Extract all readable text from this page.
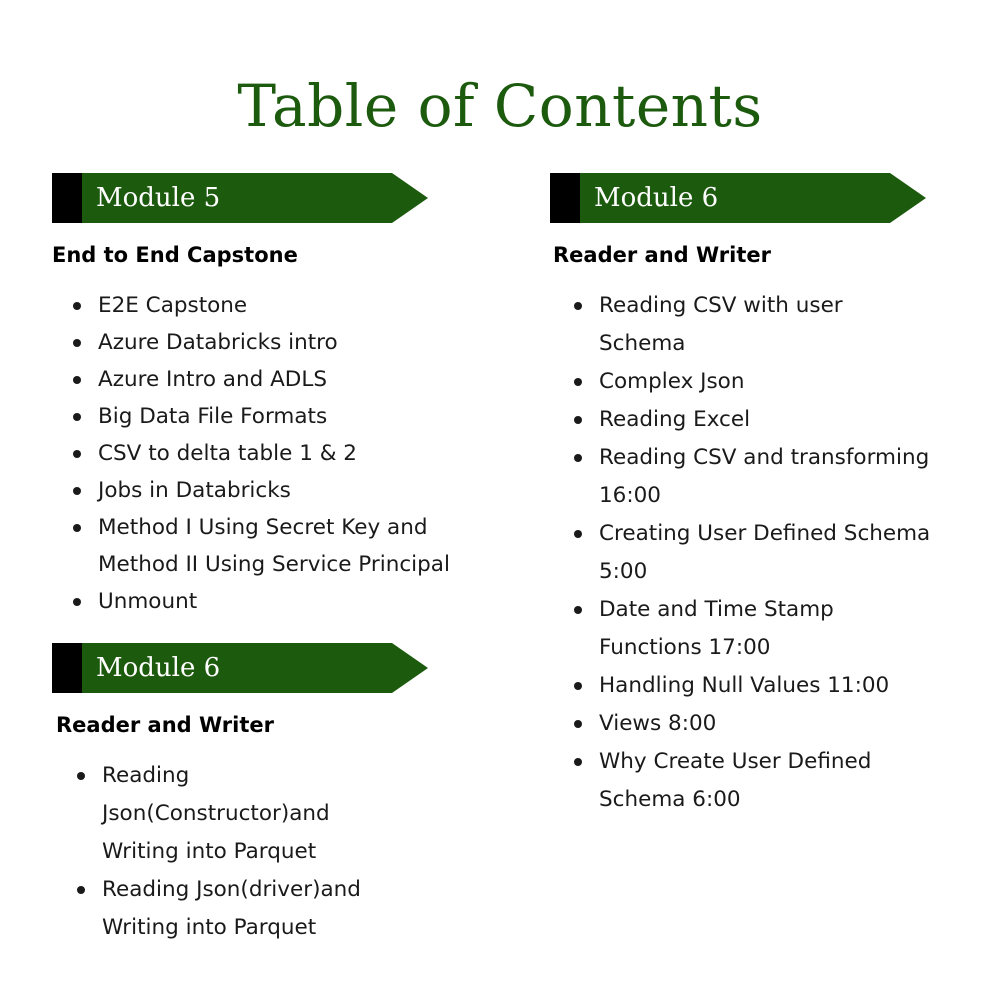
Table of Contents
Module 5
End to End Capstone
E2E Capstone
Azure Databricks intro
Azure Intro and ADLS
Big Data File Formats
CSV to delta table 1 & 2
Jobs in Databricks
Method I Using Secret Key and Method II Using Service Principal
Unmount
Module 6
Reader and Writer
Reading Json(Constructor)and Writing into Parquet
Reading Json(driver)and Writing into Parquet
Module 6
Reader and Writer
Reading CSV with user Schema
Complex Json
Reading Excel
Reading CSV and transforming 16:00
Creating User Defined Schema 5:00
Date and Time Stamp Functions 17:00
Handling Null Values 11:00
Views 8:00
Why Create User Defined Schema 6:00
